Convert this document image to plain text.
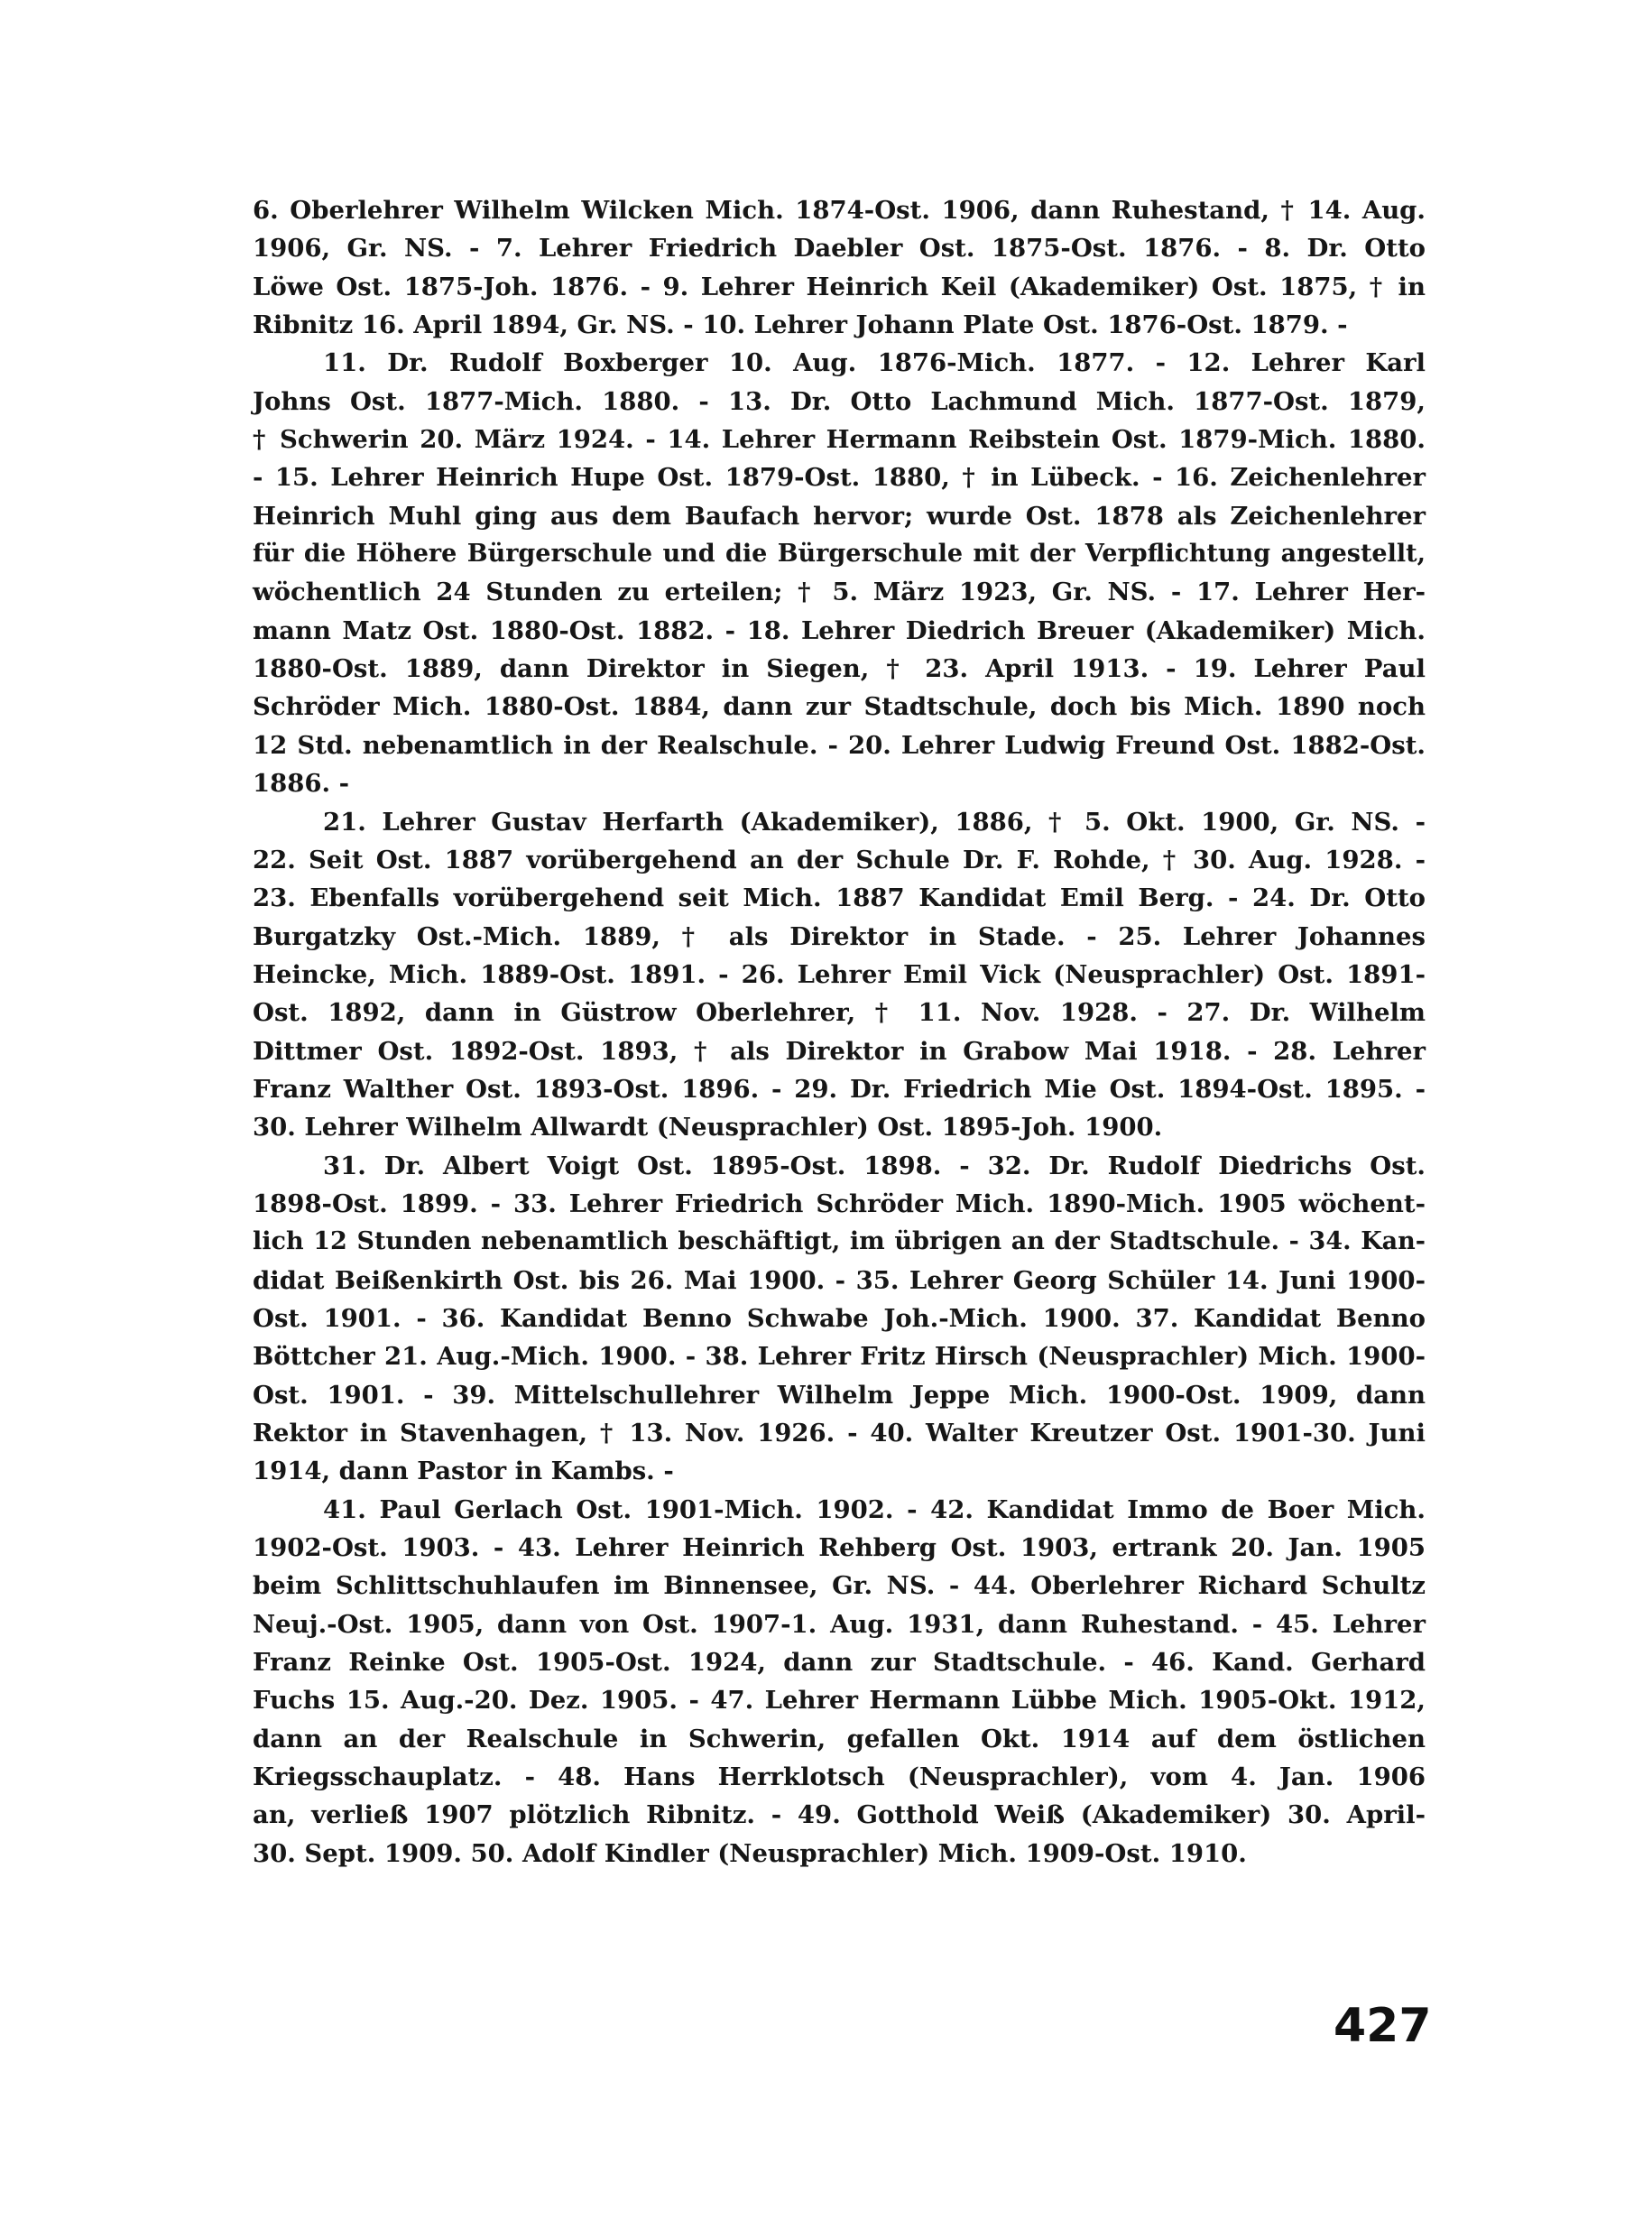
6. Oberlehrer Wilhelm Wilcken Mich. 1874-Ost. 1906, dann Ruhestand, † 14. Aug.
1906, Gr. NS. - 7. Lehrer Friedrich Daebler Ost. 1875-Ost. 1876. - 8. Dr. Otto
Löwe Ost. 1875-Joh. 1876. - 9. Lehrer Heinrich Keil (Akademiker) Ost. 1875, † in
Ribnitz 16. April 1894, Gr. NS. - 10. Lehrer Johann Plate Ost. 1876-Ost. 1879. -

11. Dr. Rudolf Boxberger 10. Aug. 1876-Mich. 1877. - 12. Lehrer Karl
Johns Ost. 1877-Mich. 1880. - 13. Dr. Otto Lachmund Mich. 1877-Ost. 1879,
† Schwerin 20. März 1924. - 14. Lehrer Hermann Reibstein Ost. 1879-Mich. 1880.
- 15. Lehrer Heinrich Hupe Ost. 1879-Ost. 1880, † in Lübeck. - 16. Zeichenlehrer
Heinrich Muhl ging aus dem Baufach hervor; wurde Ost. 1878 als Zeichenlehrer
für die Höhere Bürgerschule und die Bürgerschule mit der Verpflichtung angestellt,
wöchentlich 24 Stunden zu erteilen; † 5. März 1923, Gr. NS. - 17. Lehrer Her-
mann Matz Ost. 1880-Ost. 1882. - 18. Lehrer Diedrich Breuer (Akademiker) Mich.
1880-Ost. 1889, dann Direktor in Siegen, † 23. April 1913. - 19. Lehrer Paul
Schröder Mich. 1880-Ost. 1884, dann zur Stadtschule, doch bis Mich. 1890 noch
12 Std. nebenamtlich in der Realschule. - 20. Lehrer Ludwig Freund Ost. 1882-Ost.
1886. -

21. Lehrer Gustav Herfarth (Akademiker), 1886, † 5. Okt. 1900, Gr. NS. -
22. Seit Ost. 1887 vorübergehend an der Schule Dr. F. Rohde, † 30. Aug. 1928. -
23. Ebenfalls vorübergehend seit Mich. 1887 Kandidat Emil Berg. - 24. Dr. Otto
Burgatzky Ost.-Mich. 1889, † als Direktor in Stade. - 25. Lehrer Johannes
Heincke, Mich. 1889-Ost. 1891. - 26. Lehrer Emil Vick (Neusprachler) Ost. 1891-
Ost. 1892, dann in Güstrow Oberlehrer, † 11. Nov. 1928. - 27. Dr. Wilhelm
Dittmer Ost. 1892-Ost. 1893, † als Direktor in Grabow Mai 1918. - 28. Lehrer
Franz Walther Ost. 1893-Ost. 1896. - 29. Dr. Friedrich Mie Ost. 1894-Ost. 1895. -
30. Lehrer Wilhelm Allwardt (Neusprachler) Ost. 1895-Joh. 1900.

31. Dr. Albert Voigt Ost. 1895-Ost. 1898. - 32. Dr. Rudolf Diedrichs Ost.
1898-Ost. 1899. - 33. Lehrer Friedrich Schröder Mich. 1890-Mich. 1905 wöchent-
lich 12 Stunden nebenamtlich beschäftigt, im übrigen an der Stadtschule. - 34. Kan-
didat Beißenkirth Ost. bis 26. Mai 1900. - 35. Lehrer Georg Schüler 14. Juni 1900-
Ost. 1901. - 36. Kandidat Benno Schwabe Joh.-Mich. 1900. 37. Kandidat Benno
Böttcher 21. Aug.-Mich. 1900. - 38. Lehrer Fritz Hirsch (Neusprachler) Mich. 1900-
Ost. 1901. - 39. Mittelschullehrer Wilhelm Jeppe Mich. 1900-Ost. 1909, dann
Rektor in Stavenhagen, † 13. Nov. 1926. - 40. Walter Kreutzer Ost. 1901-30. Juni
1914, dann Pastor in Kambs. -

41. Paul Gerlach Ost. 1901-Mich. 1902. - 42. Kandidat Immo de Boer Mich.
1902-Ost. 1903. - 43. Lehrer Heinrich Rehberg Ost. 1903, ertrank 20. Jan. 1905
beim Schlittschuhlaufen im Binnensee, Gr. NS. - 44. Oberlehrer Richard Schultz
Neuj.-Ost. 1905, dann von Ost. 1907-1. Aug. 1931, dann Ruhestand. - 45. Lehrer
Franz Reinke Ost. 1905-Ost. 1924, dann zur Stadtschule. - 46. Kand. Gerhard
Fuchs 15. Aug.-20. Dez. 1905. - 47. Lehrer Hermann Lübbe Mich. 1905-Okt. 1912,
dann an der Realschule in Schwerin, gefallen Okt. 1914 auf dem östlichen
Kriegsschauplatz. - 48. Hans Herrklotsch (Neusprachler), vom 4. Jan. 1906
an, verließ 1907 plötzlich Ribnitz. - 49. Gotthold Weiß (Akademiker) 30. April-
30. Sept. 1909. 50. Adolf Kindler (Neusprachler) Mich. 1909-Ost. 1910.

427
